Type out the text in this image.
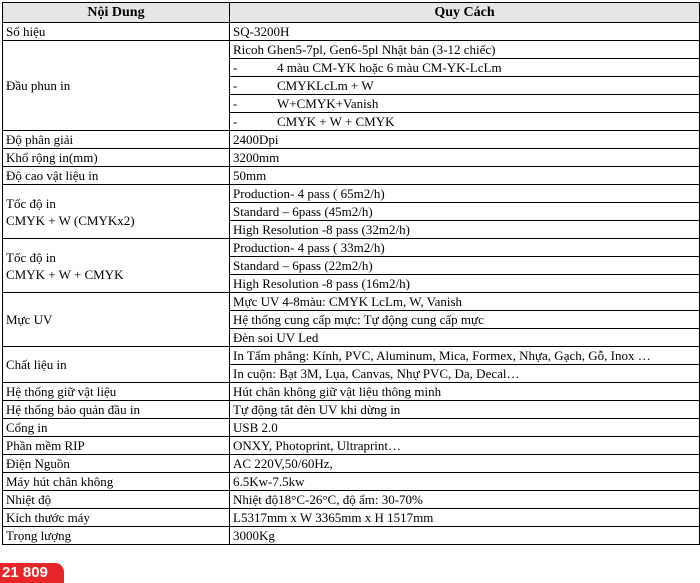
Nội Dung	Quy Cách
Số hiệu	SQ-3200H
Đầu phun in	Ricoh Ghen5-7pl, Gen6-5pl Nhật bản (3-12 chiếc)
	- 4 màu CM-YK hoặc 6 màu CM-YK-LcLm
	- CMYKLcLm + W
	- W+CMYK+Vanish
	- CMYK + W + CMYK
Độ phân giải	2400Dpi
Khổ rộng in(mm)	3200mm
Độ cao vật liệu in	50mm

Tốc độ in
CMYK + W (CMYKx2)	Production- 4 pass ( 65m2/h)
	Standard – 6pass (45m2/h)
	High Resolution -8 pass (32m2/h)

Tốc độ in
CMYK + W + CMYK	Production- 4 pass ( 33m2/h)
	Standard – 6pass (22m2/h)
	High Resolution -8 pass (16m2/h)
Mực UV	Mực UV 4-8màu: CMYK LcLm, W, Vanish
	Hệ thống cung cấp mực: Tự động cung cấp mực
	Đèn soi UV Led
Chất liệu in	In Tấm phẳng: Kính, PVC, Aluminum, Mica, Formex, Nhựa, Gạch, Gỗ, Inox …
	In cuộn: Bạt 3M, Lụa, Canvas, Nhự PVC, Da, Decal…
Hệ thống giữ vật liệu	Hút chân không giữ vật liệu thông minh
Hệ thống bảo quản đầu in	Tự động tắt đèn UV khi dừng in
Cổng in	USB 2.0
Phần mềm RIP	ONXY, Photoprint, Ultraprint…
Điện Nguồn	AC 220V,50/60Hz,
Máy hút chân không	6.5Kw-7.5kw
Nhiệt độ	Nhiệt độ18°C-26°C, độ ẩm: 30-70%
Kích thước máy	L5317mm x W 3365mm x H 1517mm
Trọng lượng	3000Kg
21 809
